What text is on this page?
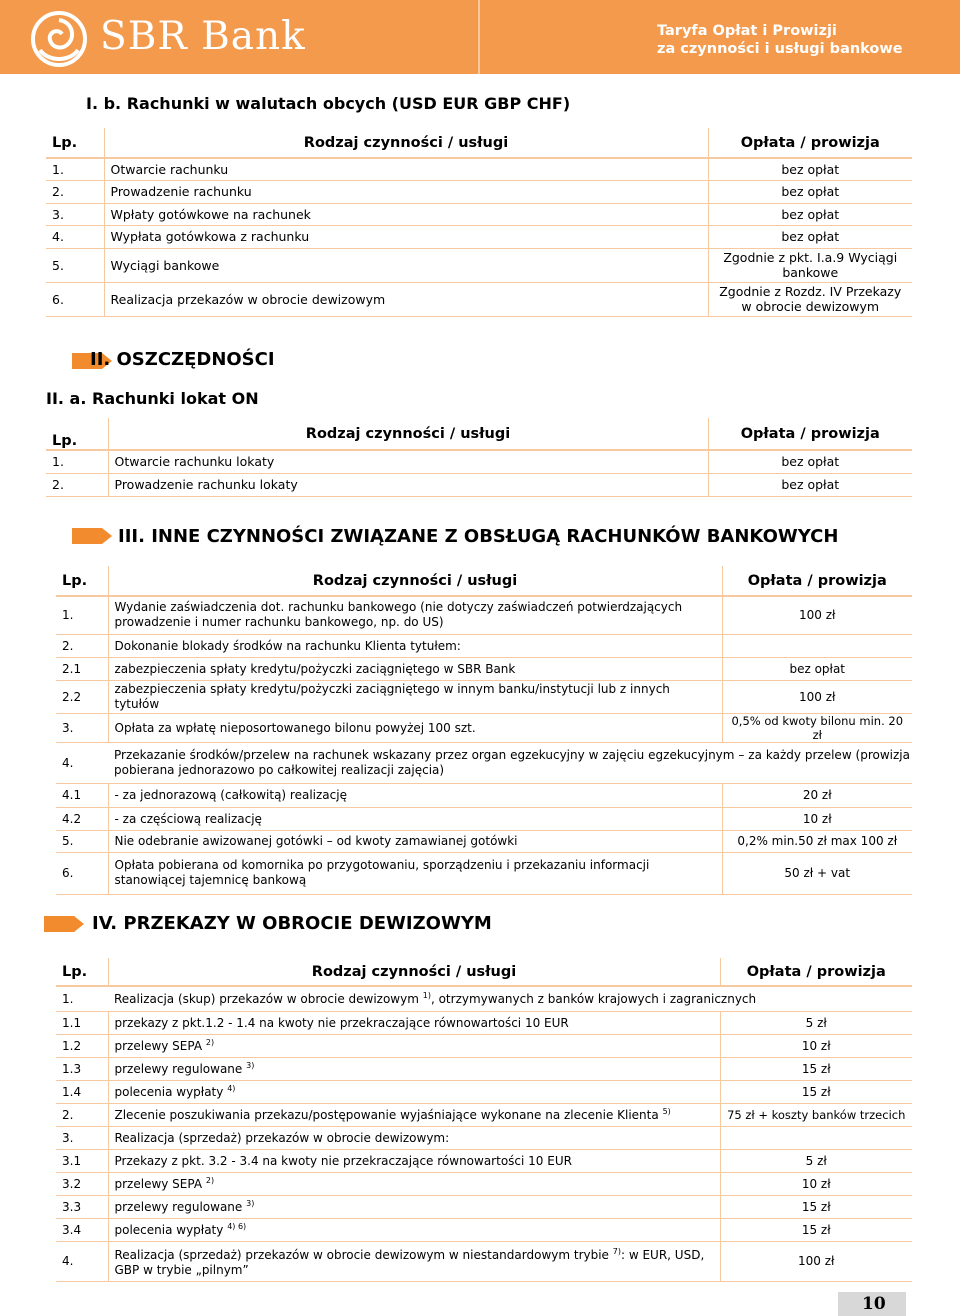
SBR Bank	Taryfa Opłat i Prowizji
za czynności i usługi bankowe
I. b. Rachunki w walutach obcych (USD EUR GBP CHF)
Lp.	Rodzaj czynności / usługi	Opłata / prowizja
1.	Otwarcie rachunku	bez opłat
2.	Prowadzenie rachunku	bez opłat
3.	Wpłaty gotówkowe na rachunek	bez opłat
4.	Wypłata gotówkowa z rachunku	bez opłat
5.	Wyciągi bankowe	Zgodnie z pkt. I.a.9 Wyciągi bankowe
6.	Realizacja przekazów w obrocie dewizowym	Zgodnie z Rozdz. IV Przekazy w obrocie dewizowym
II. OSZCZĘDNOŚCI
II. a. Rachunki lokat ON
Lp.	Rodzaj czynności / usługi	Opłata / prowizja
1.	Otwarcie rachunku lokaty	bez opłat
2.	Prowadzenie rachunku lokaty	bez opłat
III. INNE CZYNNOŚCI ZWIĄZANE Z OBSŁUGĄ RACHUNKÓW BANKOWYCH
Lp.	Rodzaj czynności / usługi	Opłata / prowizja
1.	Wydanie zaświadczenia dot. rachunku bankowego (nie dotyczy zaświadczeń potwierdzających prowadzenie i numer rachunku bankowego, np. do US)	100 zł
2.	Dokonanie blokady środków na rachunku Klienta tytułem:	
2.1	zabezpieczenia spłaty kredytu/pożyczki zaciągniętego w SBR Bank	bez opłat
2.2	zabezpieczenia spłaty kredytu/pożyczki zaciągniętego w innym banku/instytucji lub z innych tytułów	100 zł
3.	Opłata za wpłatę nieposortowanego bilonu powyżej 100 szt.	0,5% od kwoty bilonu min. 20 zł
4.	Przekazanie środków/przelew na rachunek wskazany przez organ egzekucyjny w zajęciu egzekucyjnym – za każdy przelew (prowizja pobierana jednorazowo po całkowitej realizacji zajęcia)	
4.1	- za jednorazową (całkowitą) realizację	20 zł
4.2	- za częściową realizację	10 zł
5.	Nie odebranie awizowanej gotówki – od kwoty zamawianej gotówki	0,2% min.50 zł max 100 zł
6.	Opłata pobierana od komornika po przygotowaniu, sporządzeniu i przekazaniu informacji stanowiącej tajemnicę bankową	50 zł + vat
IV. PRZEKAZY W OBROCIE DEWIZOWYM
Lp.	Rodzaj czynności / usługi	Opłata / prowizja
1.	Realizacja (skup) przekazów w obrocie dewizowym $^{1)}$, otrzymywanych z banków krajowych i zagranicznych	
1.1	przekazy z pkt.1.2 - 1.4 na kwoty nie przekraczające równowartości 10 EUR	5 zł
1.2	przelewy SEPA $^{2)}$	10 zł
1.3	przelewy regulowane $^{3)}$	15 zł
1.4	polecenia wypłaty $^{4)}$	15 zł
2.	Zlecenie poszukiwania przekazu/postępowanie wyjaśniające wykonane na zlecenie Klienta $^{5)}$	75 zł + koszty banków trzecich
3.	Realizacja (sprzedaż) przekazów w obrocie dewizowym:	
3.1	Przekazy z pkt. 3.2 - 3.4 na kwoty nie przekraczające równowartości 10 EUR	5 zł
3.2	przelewy SEPA $^{2)}$	10 zł
3.3	przelewy regulowane $^{3)}$	15 zł
3.4	polecenia wypłaty $^{4) 6)}$	15 zł
4.	Realizacja (sprzedaż) przekazów w obrocie dewizowym w niestandardowym trybie $^{7)}$: w EUR, USD, GBP w trybie „pilnym”	100 zł
10
